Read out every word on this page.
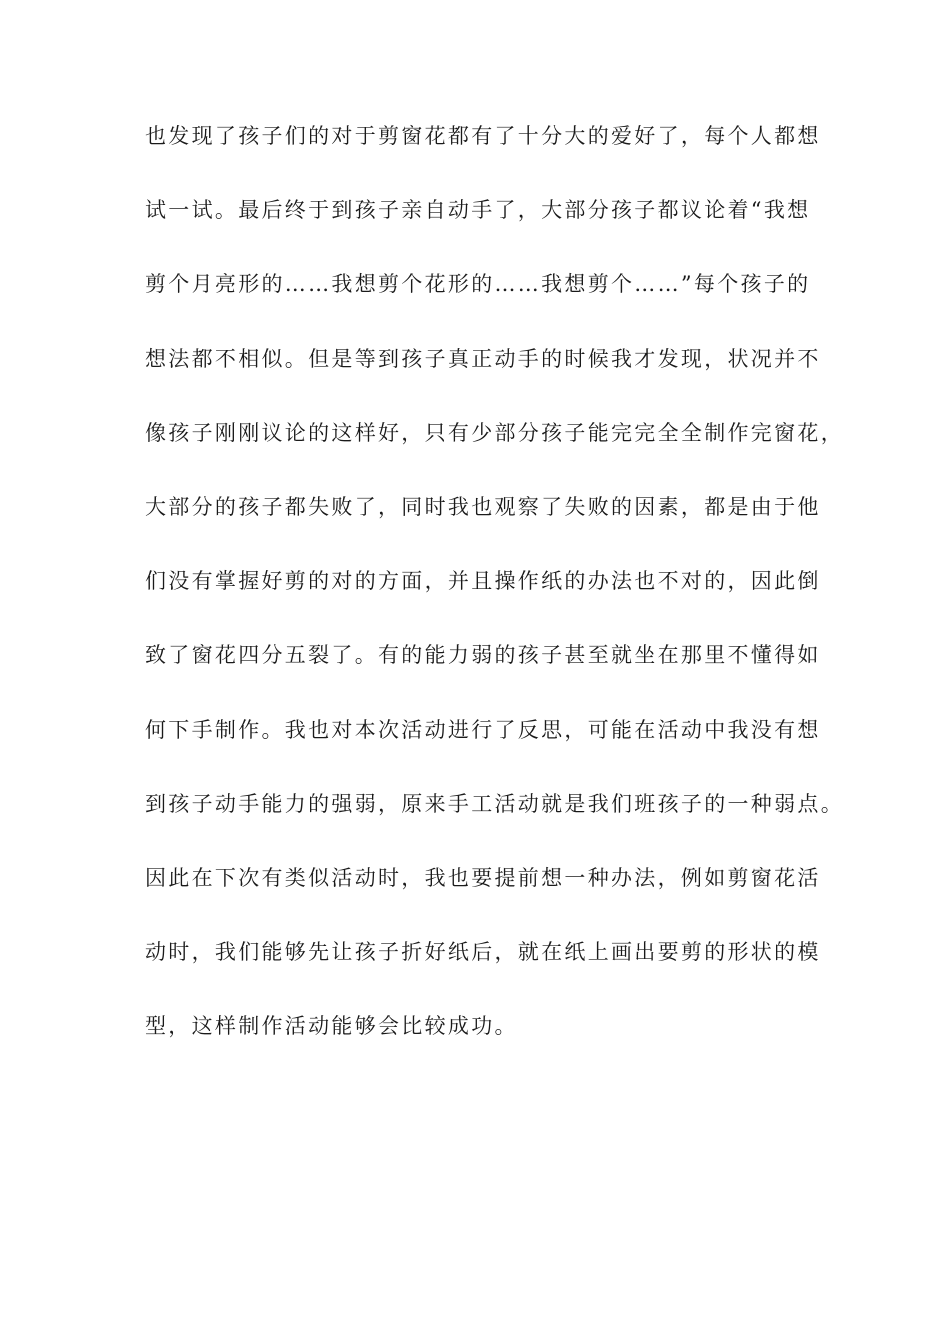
也发现了孩子们的对于剪窗花都有了十分大的爱好了，每个人都想
试一试。最后终于到孩子亲自动手了，大部分孩子都议论着“我想
剪个月亮形的……我想剪个花形的……我想剪个……”每个孩子的
想法都不相似。但是等到孩子真正动手的时候我才发现，状况并不
像孩子刚刚议论的这样好，只有少部分孩子能完完全全制作完窗花，
大部分的孩子都失败了，同时我也观察了失败的因素，都是由于他
们没有掌握好剪的对的方面，并且操作纸的办法也不对的，因此倒
致了窗花四分五裂了。有的能力弱的孩子甚至就坐在那里不懂得如
何下手制作。我也对本次活动进行了反思，可能在活动中我没有想
到孩子动手能力的强弱，原来手工活动就是我们班孩子的一种弱点。
因此在下次有类似活动时，我也要提前想一种办法，例如剪窗花活
动时，我们能够先让孩子折好纸后，就在纸上画出要剪的形状的模
型，这样制作活动能够会比较成功。
